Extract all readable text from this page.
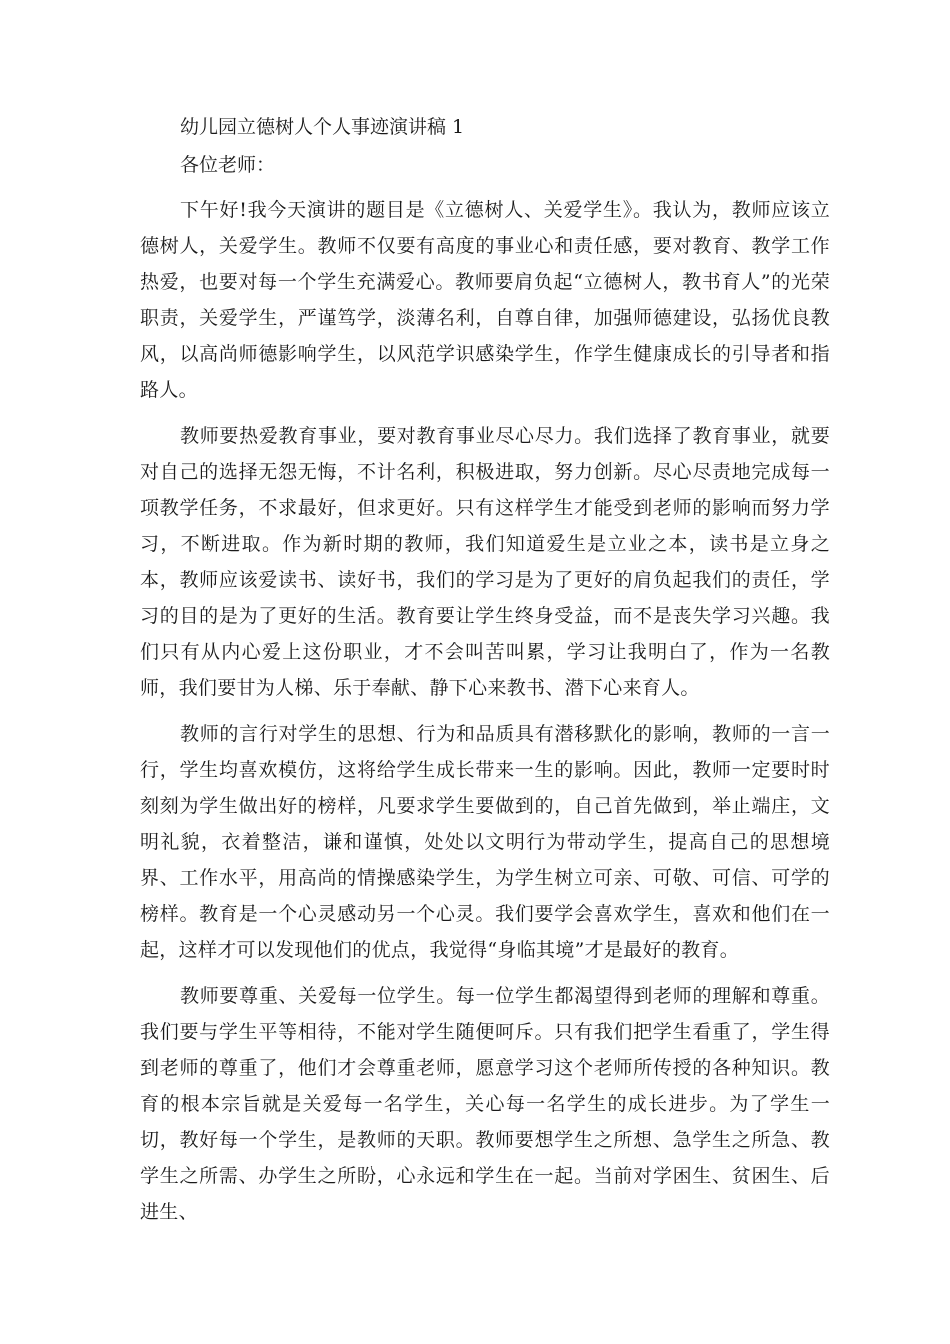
幼儿园立德树人个人事迹演讲稿 1

各位老师：

下午好!我今天演讲的题目是《立德树人、关爱学生》。我认为，教师应该立德树人，关爱学生。教师不仅要有高度的事业心和责任感，要对教育、教学工作热爱，也要对每一个学生充满爱心。教师要肩负起“立德树人，教书育人”的光荣职责，关爱学生，严谨笃学，淡薄名利，自尊自律，加强师德建设，弘扬优良教风，以高尚师德影响学生，以风范学识感染学生，作学生健康成长的引导者和指路人。

教师要热爱教育事业，要对教育事业尽心尽力。我们选择了教育事业，就要对自己的选择无怨无悔，不计名利，积极进取，努力创新。尽心尽责地完成每一项教学任务，不求最好，但求更好。只有这样学生才能受到老师的影响而努力学习，不断进取。作为新时期的教师，我们知道爱生是立业之本，读书是立身之本，教师应该爱读书、读好书，我们的学习是为了更好的肩负起我们的责任，学习的目的是为了更好的生活。教育要让学生终身受益，而不是丧失学习兴趣。我们只有从内心爱上这份职业，才不会叫苦叫累，学习让我明白了，作为一名教师，我们要甘为人梯、乐于奉献、静下心来教书、潜下心来育人。

教师的言行对学生的思想、行为和品质具有潜移默化的影响，教师的一言一行，学生均喜欢模仿，这将给学生成长带来一生的影响。因此，教师一定要时时刻刻为学生做出好的榜样，凡要求学生要做到的，自己首先做到，举止端庄，文明礼貌，衣着整洁，谦和谨慎，处处以文明行为带动学生，提高自己的思想境界、工作水平，用高尚的情操感染学生，为学生树立可亲、可敬、可信、可学的榜样。教育是一个心灵感动另一个心灵。我们要学会喜欢学生，喜欢和他们在一起，这样才可以发现他们的优点，我觉得“身临其境”才是最好的教育。

教师要尊重、关爱每一位学生。每一位学生都渴望得到老师的理解和尊重。我们要与学生平等相待，不能对学生随便呵斥。只有我们把学生看重了，学生得到老师的尊重了，他们才会尊重老师，愿意学习这个老师所传授的各种知识。教育的根本宗旨就是关爱每一名学生，关心每一名学生的成长进步。为了学生一切，教好每一个学生，是教师的天职。教师要想学生之所想、急学生之所急、教学生之所需、办学生之所盼，心永远和学生在一起。当前对学困生、贫困生、后进生、
